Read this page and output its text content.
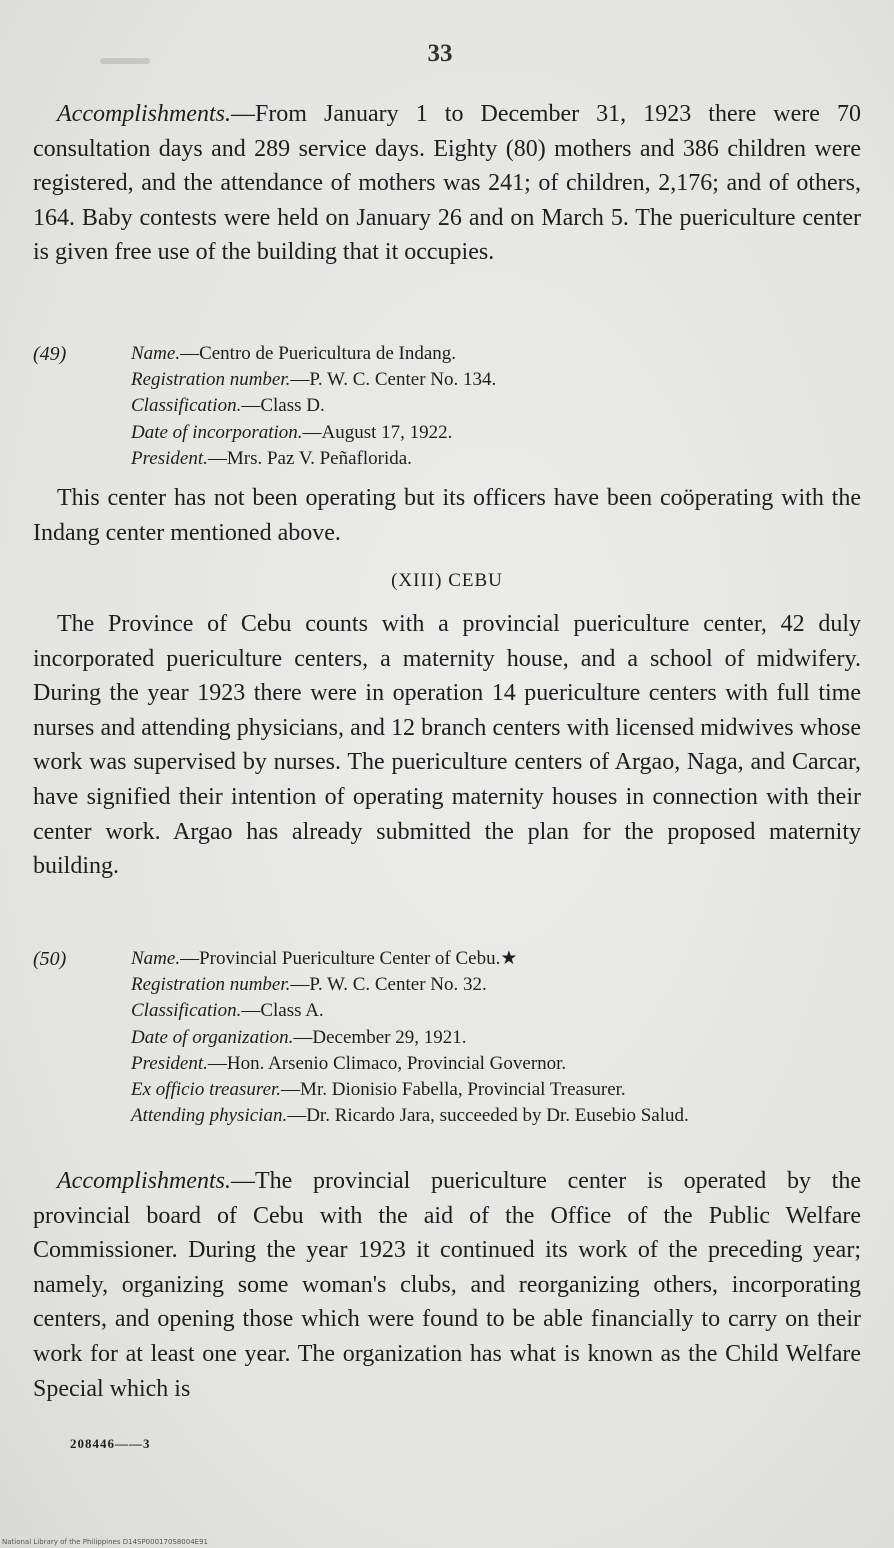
33
Accomplishments.—From January 1 to December 31, 1923 there were 70 consultation days and 289 service days. Eighty (80) mothers and 386 children were registered, and the attendance of mothers was 241; of children, 2,176; and of others, 164. Baby contests were held on January 26 and on March 5. The puericulture center is given free use of the building that it occupies.
(49)	Name.—Centro de Puericultura de Indang.
Registration number.—P. W. C. Center No. 134.
Classification.—Class D.
Date of incorporation.—August 17, 1922.
President.—Mrs. Paz V. Peñaflorida.
This center has not been operating but its officers have been coöperating with the Indang center mentioned above.
(XIII) CEBU
The Province of Cebu counts with a provincial puericulture center, 42 duly incorporated puericulture centers, a maternity house, and a school of midwifery. During the year 1923 there were in operation 14 puericulture centers with full time nurses and attending physicians, and 12 branch centers with licensed midwives whose work was supervised by nurses. The puericulture centers of Argao, Naga, and Carcar, have signified their intention of operating maternity houses in connection with their center work. Argao has already submitted the plan for the proposed maternity building.
(50)	Name.—Provincial Puericulture Center of Cebu.★
Registration number.—P. W. C. Center No. 32.
Classification.—Class A.
Date of organization.—December 29, 1921.
President.—Hon. Arsenio Climaco, Provincial Governor.
Ex officio treasurer.—Mr. Dionisio Fabella, Provincial Treasurer.
Attending physician.—Dr. Ricardo Jara, succeeded by Dr. Eusebio Salud.
Accomplishments.—The provincial puericulture center is operated by the provincial board of Cebu with the aid of the Office of the Public Welfare Commissioner. During the year 1923 it continued its work of the preceding year; namely, organizing some woman's clubs, and reorganizing others, incorporating centers, and opening those which were found to be able financially to carry on their work for at least one year. The organization has what is known as the Child Welfare Special which is
208446——3
National Library of the Philippines D14SP000170S8004E91
